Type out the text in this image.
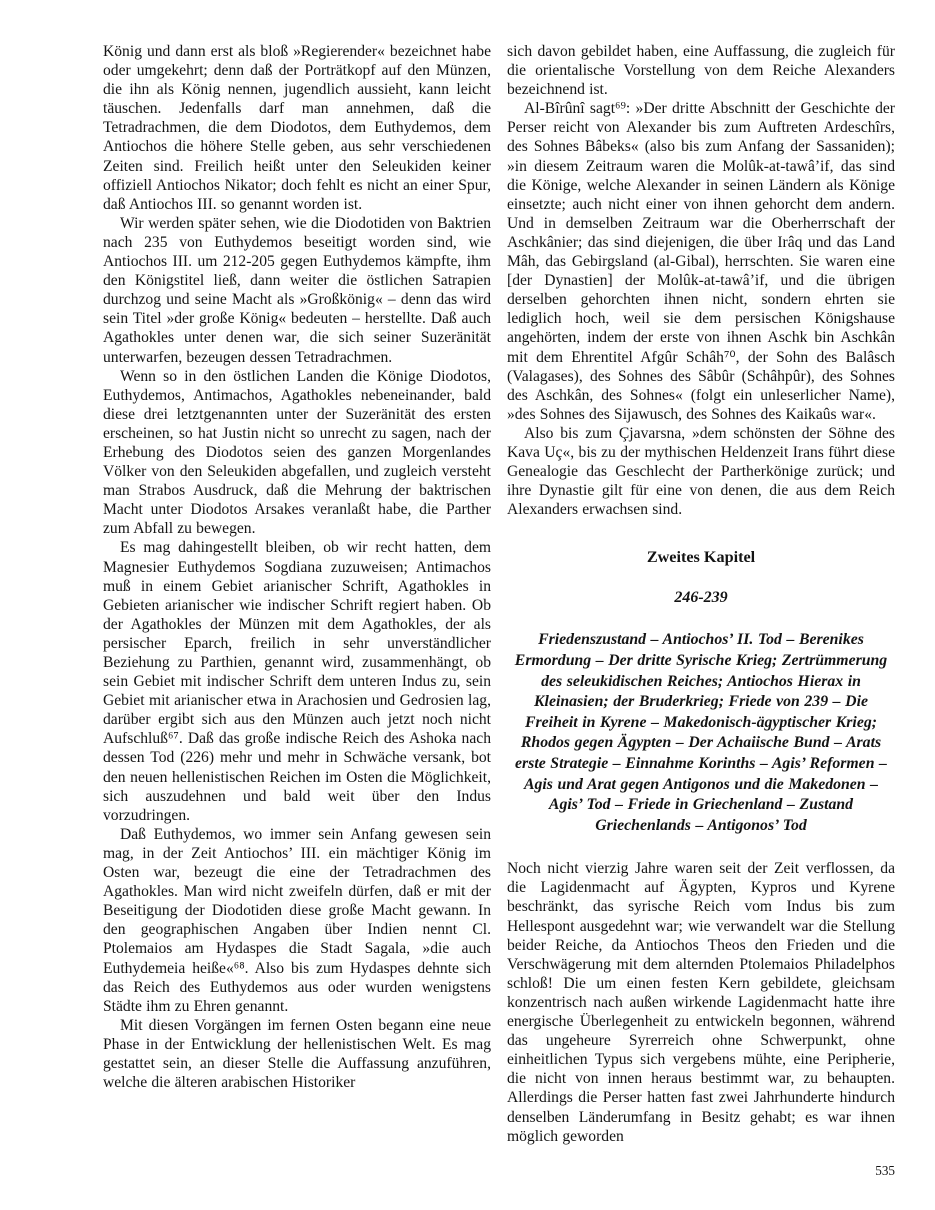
König und dann erst als bloß »Regierender« bezeichnet habe oder umgekehrt; denn daß der Porträtkopf auf den Münzen, die ihn als König nennen, jugendlich aussieht, kann leicht täuschen. Jedenfalls darf man annehmen, daß die Tetradrachmen, die dem Diodotos, dem Euthydemos, dem Antiochos die höhere Stelle geben, aus sehr verschiedenen Zeiten sind. Freilich heißt unter den Seleukiden keiner offiziell Antiochos Nikator; doch fehlt es nicht an einer Spur, daß Antiochos III. so genannt worden ist.

Wir werden später sehen, wie die Diodotiden von Baktrien nach 235 von Euthydemos beseitigt worden sind, wie Antiochos III. um 212-205 gegen Euthydemos kämpfte, ihm den Königstitel ließ, dann weiter die östlichen Satrapien durchzog und seine Macht als »Großkönig« – denn das wird sein Titel »der große König« bedeuten – herstellte. Daß auch Agathokles unter denen war, die sich seiner Suzeränität unterwarfen, bezeugen dessen Tetradrachmen.

Wenn so in den östlichen Landen die Könige Diodotos, Euthydemos, Antimachos, Agathokles nebeneinander, bald diese drei letztgenannten unter der Suzeränität des ersten erscheinen, so hat Justin nicht so unrecht zu sagen, nach der Erhebung des Diodotos seien des ganzen Morgenlandes Völker von den Seleukiden abgefallen, und zugleich versteht man Strabos Ausdruck, daß die Mehrung der baktrischen Macht unter Diodotos Arsakes veranlaßt habe, die Parther zum Abfall zu bewegen.

Es mag dahingestellt bleiben, ob wir recht hatten, dem Magnesier Euthydemos Sogdiana zuzuweisen; Antimachos muß in einem Gebiet arianischer Schrift, Agathokles in Gebieten arianischer wie indischer Schrift regiert haben. Ob der Agathokles der Münzen mit dem Agathokles, der als persischer Eparch, freilich in sehr unverständlicher Beziehung zu Parthien, genannt wird, zusammenhängt, ob sein Gebiet mit indischer Schrift dem unteren Indus zu, sein Gebiet mit arianischer etwa in Arachosien und Gedrosien lag, darüber ergibt sich aus den Münzen auch jetzt noch nicht Aufschluß⁶⁷. Daß das große indische Reich des Ashoka nach dessen Tod (226) mehr und mehr in Schwäche versank, bot den neuen hellenistischen Reichen im Osten die Möglichkeit, sich auszudehnen und bald weit über den Indus vorzudringen.

Daß Euthydemos, wo immer sein Anfang gewesen sein mag, in der Zeit Antiochos’ III. ein mächtiger König im Osten war, bezeugt die eine der Tetradrachmen des Agathokles. Man wird nicht zweifeln dürfen, daß er mit der Beseitigung der Diodotiden diese große Macht gewann. In den geographischen Angaben über Indien nennt Cl. Ptolemaios am Hydaspes die Stadt Sagala, »die auch Euthydemeia heiße«⁶⁸. Also bis zum Hydaspes dehnte sich das Reich des Euthydemos aus oder wurden wenigstens Städte ihm zu Ehren genannt.

Mit diesen Vorgängen im fernen Osten begann eine neue Phase in der Entwicklung der hellenistischen Welt. Es mag gestattet sein, an dieser Stelle die Auffassung anzuführen, welche die älteren arabischen Historiker

sich davon gebildet haben, eine Auffassung, die zugleich für die orientalische Vorstellung von dem Reiche Alexanders bezeichnend ist.

Al-Bîrûnî sagt⁶⁹: »Der dritte Abschnitt der Geschichte der Perser reicht von Alexander bis zum Auftreten Ardeschîrs, des Sohnes Bâbeks« (also bis zum Anfang der Sassaniden); »in diesem Zeitraum waren die Molûk-at-tawâ’if, das sind die Könige, welche Alexander in seinen Ländern als Könige einsetzte; auch nicht einer von ihnen gehorcht dem andern. Und in demselben Zeitraum war die Oberherrschaft der Aschkânier; das sind diejenigen, die über Irâq und das Land Mâh, das Gebirgsland (al-Gibal), herrschten. Sie waren eine [der Dynastien] der Molûk-at-tawâ’if, und die übrigen derselben gehorchten ihnen nicht, sondern ehrten sie lediglich hoch, weil sie dem persischen Königshause angehörten, indem der erste von ihnen Aschk bin Aschkân mit dem Ehrentitel Afgûr Schâh⁷⁰, der Sohn des Balâsch (Valagases), des Sohnes des Sâbûr (Schâhpûr), des Sohnes des Aschkân, des Sohnes« (folgt ein unleserlicher Name), »des Sohnes des Sijawusch, des Sohnes des Kaikaûs war«.

Also bis zum Çjavarsna, »dem schönsten der Söhne des Kava Uç«, bis zu der mythischen Heldenzeit Irans führt diese Genealogie das Geschlecht der Partherkönige zurück; und ihre Dynastie gilt für eine von denen, die aus dem Reich Alexanders erwachsen sind.

Zweites Kapitel
246-239
Friedenszustand – Antiochos’ II. Tod – Berenikes Ermordung – Der dritte Syrische Krieg; Zertrümmerung des seleukidischen Reiches; Antiochos Hierax in Kleinasien; der Bruderkrieg; Friede von 239 – Die Freiheit in Kyrene – Makedonisch-ägyptischer Krieg; Rhodos gegen Ägypten – Der Achaiische Bund – Arats erste Strategie – Einnahme Korinths – Agis’ Reformen – Agis und Arat gegen Antigonos und die Makedonen – Agis’ Tod – Friede in Griechenland – Zustand Griechenlands – Antigonos’ Tod

Noch nicht vierzig Jahre waren seit der Zeit verflossen, da die Lagidenmacht auf Ägypten, Kypros und Kyrene beschränkt, das syrische Reich vom Indus bis zum Hellespont ausgedehnt war; wie verwandelt war die Stellung beider Reiche, da Antiochos Theos den Frieden und die Verschwägerung mit dem alternden Ptolemaios Philadelphos schloß! Die um einen festen Kern gebildete, gleichsam konzentrisch nach außen wirkende Lagidenmacht hatte ihre energische Überlegenheit zu entwickeln begonnen, während das ungeheure Syrerreich ohne Schwerpunkt, ohne einheitlichen Typus sich vergebens mühte, eine Peripherie, die nicht von innen heraus bestimmt war, zu behaupten. Allerdings die Perser hatten fast zwei Jahrhunderte hindurch denselben Länderumfang in Besitz gehabt; es war ihnen möglich geworden

535
